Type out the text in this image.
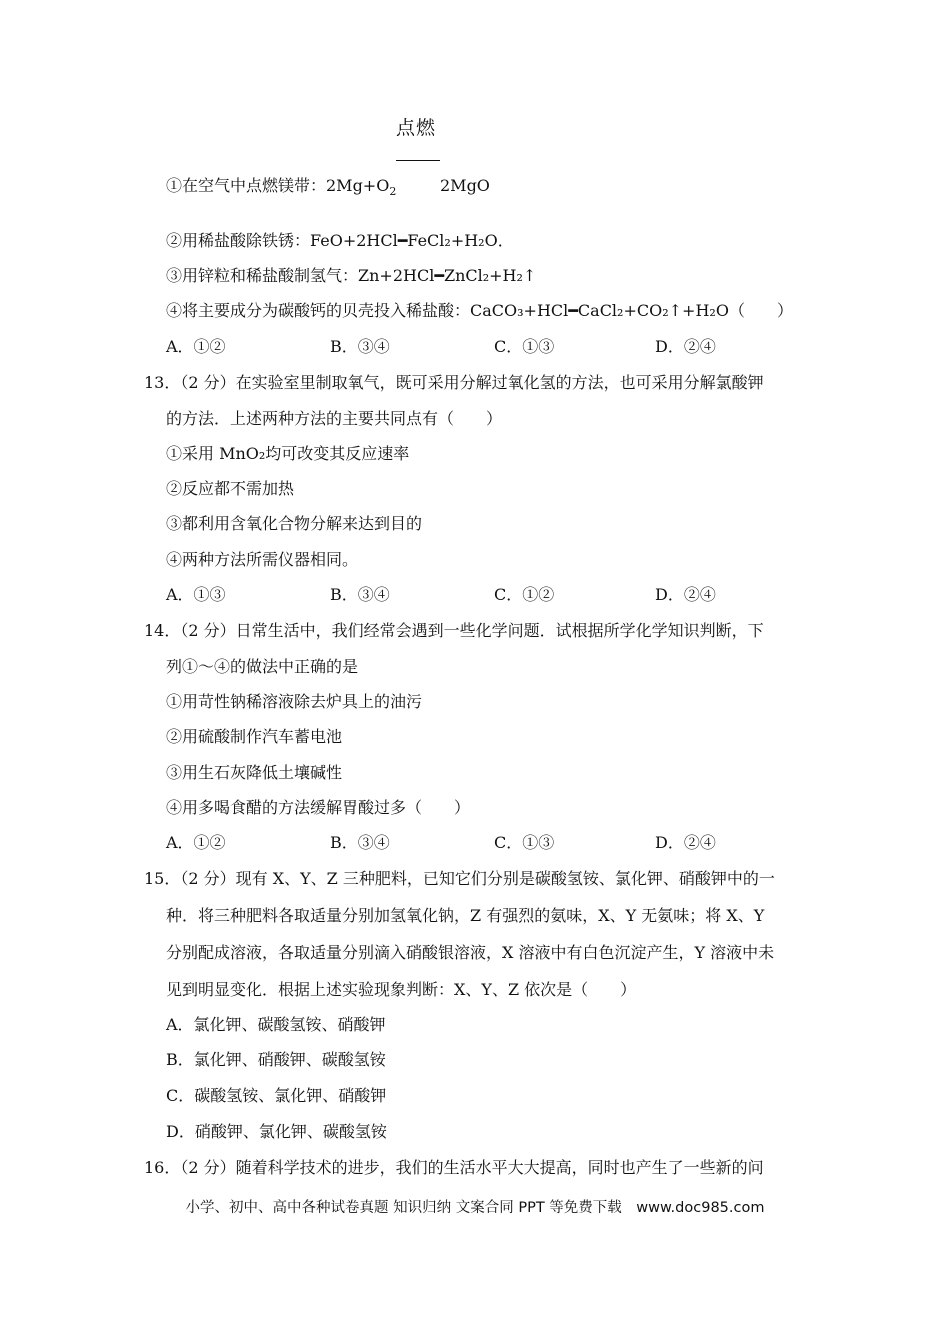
点燃
①在空气中点燃镁带：$2Mg+O_2$	2MgO
②用稀盐酸除铁锈：FeO+2HCl━FeCl₂+H₂O．
③用锌粒和稀盐酸制氢气：Zn+2HCl━ZnCl₂+H₂↑
④将主要成分为碳酸钙的贝壳投入稀盐酸：CaCO₃+HCl━CaCl₂+CO₂↑+H₂O（　　）
A．①②	B．③④	C．①③	D．②④
13．（2 分）在实验室里制取氧气，既可采用分解过氧化氢的方法，也可采用分解氯酸钾
的方法．上述两种方法的主要共同点有（　　）
①采用 MnO₂均可改变其反应速率
②反应都不需加热
③都利用含氧化合物分解来达到目的
④两种方法所需仪器相同。
A．①③	B．③④	C．①②	D．②④
14．（2 分）日常生活中，我们经常会遇到一些化学问题．试根据所学化学知识判断，下
列①～④的做法中正确的是
①用苛性钠稀溶液除去炉具上的油污
②用硫酸制作汽车蓄电池
③用生石灰降低土壤碱性
④用多喝食醋的方法缓解胃酸过多（　　）
A．①②	B．③④	C．①③	D．②④
15．（2 分）现有 X、Y、Z 三种肥料，已知它们分别是碳酸氢铵、氯化钾、硝酸钾中的一
种．将三种肥料各取适量分别加氢氧化钠，Z 有强烈的氨味，X、Y 无氨味；将 X、Y
分别配成溶液，各取适量分别滴入硝酸银溶液，X 溶液中有白色沉淀产生，Y 溶液中未
见到明显变化．根据上述实验现象判断：X、Y、Z 依次是（　　）
A．氯化钾、碳酸氢铵、硝酸钾
B．氯化钾、硝酸钾、碳酸氢铵
C．碳酸氢铵、氯化钾、硝酸钾
D．硝酸钾、氯化钾、碳酸氢铵
16．（2 分）随着科学技术的进步，我们的生活水平大大提高，同时也产生了一些新的问
小学、初中、高中各种试卷真题 知识归纳 文案合同 PPT 等免费下载　www.doc985.com
